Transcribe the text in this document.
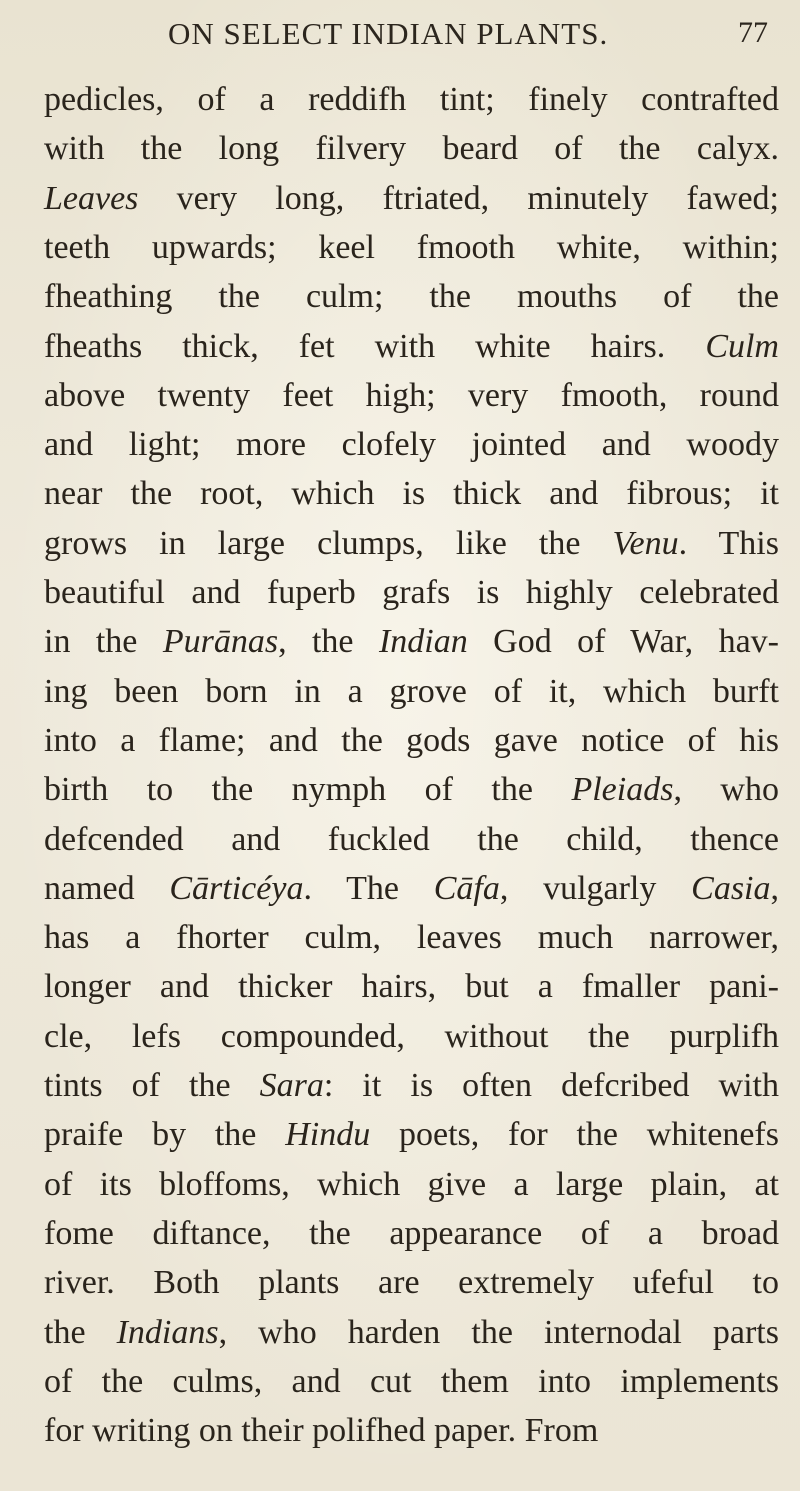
ON SELECT INDIAN PLANTS.	77
pedicles, of a reddifh tint; finely contrafted
with the long filvery beard of the calyx.
Leaves very long, ftriated, minutely fawed;
teeth upwards; keel fmooth white, within;
fheathing the culm; the mouths of the
fheaths thick, fet with white hairs. Culm
above twenty feet high; very fmooth, round
and light; more clofely jointed and woody
near the root, which is thick and fibrous; it
grows in large clumps, like the Venu. This
beautiful and fuperb grafs is highly celebrated
in the Purānas, the Indian God of War, hav-
ing been born in a grove of it, which burft
into a flame; and the gods gave notice of his
birth to the nymph of the Pleiads, who
defcended and fuckled the child, thence
named Cārticéya. The Cāfa, vulgarly Casia,
has a fhorter culm, leaves much narrower,
longer and thicker hairs, but a fmaller pani-
cle, lefs compounded, without the purplifh
tints of the Sara: it is often defcribed with
praife by the Hindu poets, for the whitenefs
of its bloffoms, which give a large plain, at
fome diftance, the appearance of a broad
river. Both plants are extremely ufeful to
the Indians, who harden the internodal parts
of the culms, and cut them into implements
for writing on their polifhed paper. From
